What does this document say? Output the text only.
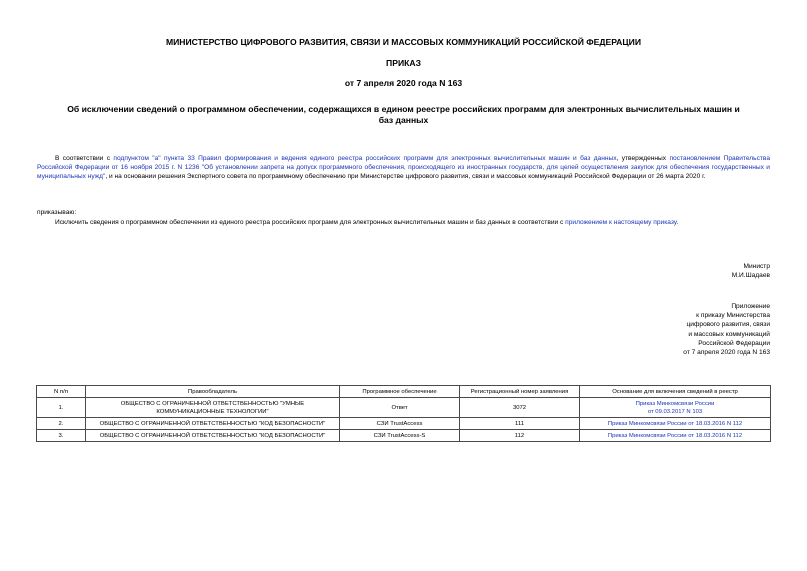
МИНИСТЕРСТВО ЦИФРОВОГО РАЗВИТИЯ, СВЯЗИ И МАССОВЫХ КОММУНИКАЦИЙ РОССИЙСКОЙ ФЕДЕРАЦИИ
ПРИКАЗ
от 7 апреля 2020 года N 163
Об исключении сведений о программном обеспечении, содержащихся в едином реестре российских программ для электронных вычислительных машин и баз данных
В соответствии с подпунктом "а" пункта 33 Правил формирования и ведения единого реестра российских программ для электронных вычислительных машин и баз данных, утвержденных постановлением Правительства Российской Федерации от 16 ноября 2015 г. N 1236 "Об установлении запрета на допуск программного обеспечения, происходящего из иностранных государств, для целей осуществления закупок для обеспечения государственных и муниципальных нужд", и на основании решения Экспертного совета по программному обеспечению при Министерстве цифрового развития, связи и массовых коммуникаций Российской Федерации от 26 марта 2020 г.
приказываю:
Исключить сведения о программном обеспечении из единого реестра российских программ для электронных вычислительных машин и баз данных в соответствии с приложением к настоящему приказу.
Министр
М.И.Шадаев
Приложение
к приказу Министерства
цифрового развития, связи
и массовых коммуникаций
Российской Федерации
от 7 апреля 2020 года N 163
N п/п	Правообладатель	Программное обеспечение	Регистрационный номер заявления	Основание для включения сведений в реестр
1.	ОБЩЕСТВО С ОГРАНИЧЕННОЙ ОТВЕТСТВЕННОСТЬЮ "УМНЫЕ КОММУНИКАЦИОННЫЕ ТЕХНОЛОГИИ"	Ответ	3072	Приказ Минкомсвязи России
от 09.03.2017 N 103
2.	ОБЩЕСТВО С ОГРАНИЧЕННОЙ ОТВЕТСТВЕННОСТЬЮ "КОД БЕЗОПАСНОСТИ"	СЗИ TrustAccess	111	Приказ Минкомсвязи России от 18.03.2016 N 112
3.	ОБЩЕСТВО С ОГРАНИЧЕННОЙ ОТВЕТСТВЕННОСТЬЮ "КОД БЕЗОПАСНОСТИ"	СЗИ TrustAccess-S	112	Приказ Минкомсвязи России от 18.03.2016 N 112
